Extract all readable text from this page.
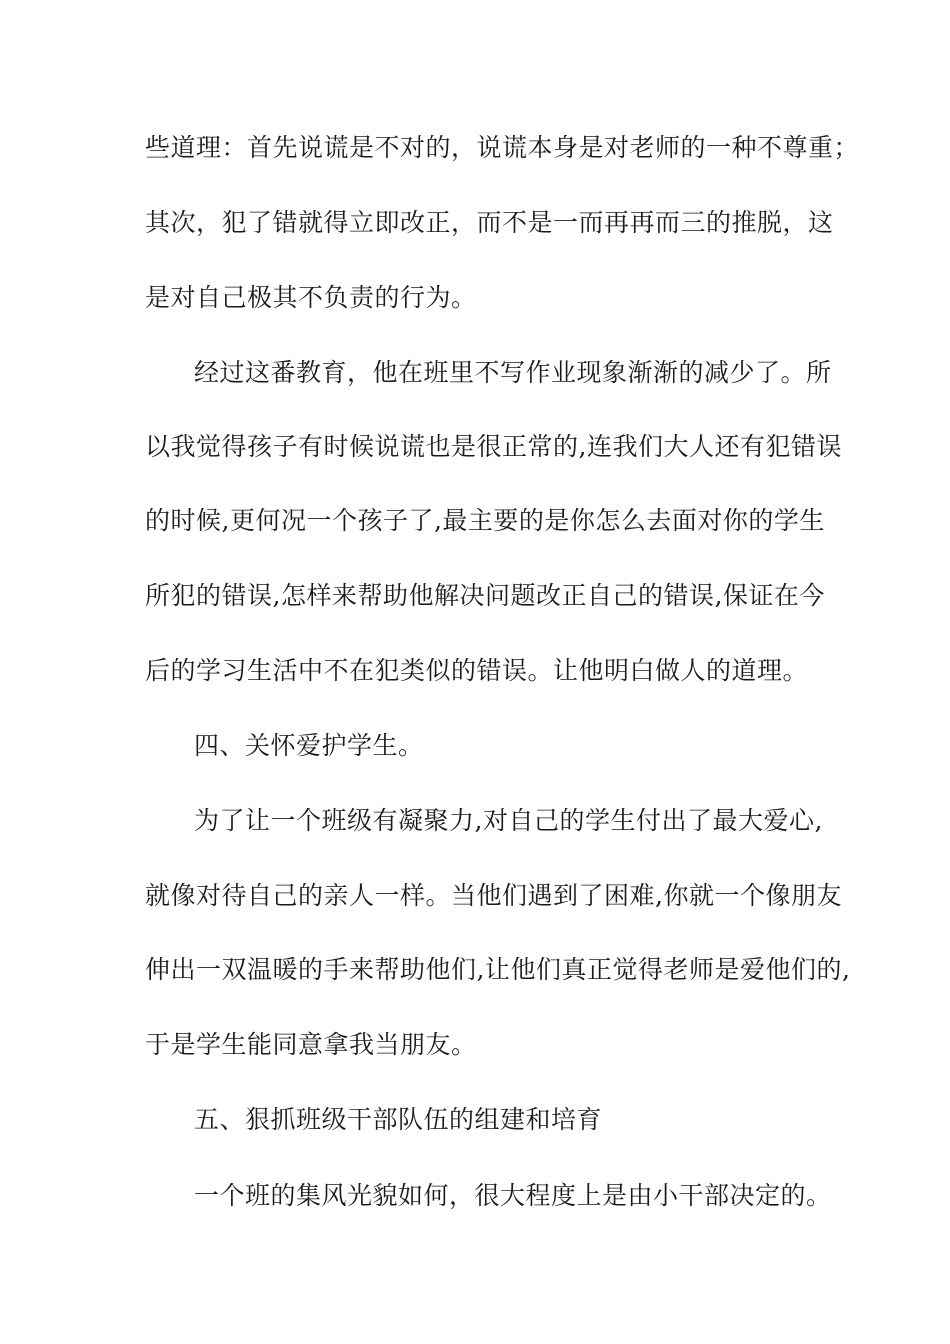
些道理：首先说谎是不对的，说谎本身是对老师的一种不尊重；
其次，犯了错就得立即改正，而不是一而再再而三的推脱，这
是对自己极其不负责的行为。
经过这番教育，他在班里不写作业现象渐渐的减少了。所
以我觉得孩子有时候说谎也是很正常的,连我们大人还有犯错误
的时候,更何况一个孩子了,最主要的是你怎么去面对你的学生
所犯的错误,怎样来帮助他解决问题改正自己的错误,保证在今
后的学习生活中不在犯类似的错误。让他明白做人的道理。
四、关怀爱护学生。
为了让一个班级有凝聚力,对自己的学生付出了最大爱心,
就像对待自己的亲人一样。当他们遇到了困难,你就一个像朋友
伸出一双温暖的手来帮助他们,让他们真正觉得老师是爱他们的,
于是学生能同意拿我当朋友。
五、狠抓班级干部队伍的组建和培育
一个班的集风光貌如何，很大程度上是由小干部决定的。
